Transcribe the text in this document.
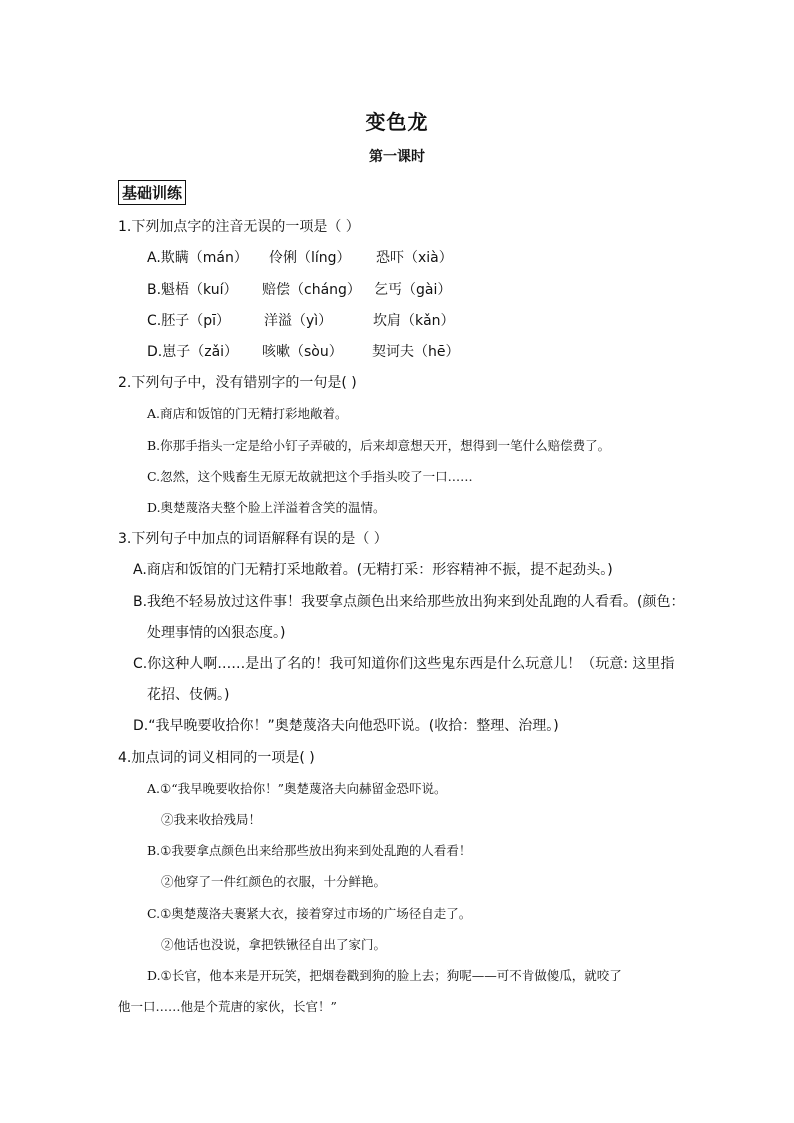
变色龙
第一课时
基础训练
1.下列加点字的注音无误的一项是（ ）
A.欺瞒（mán） 伶俐（líng） 恐吓（xià）
B.魁梧（kuí） 赔偿（cháng） 乞丐（gài）
C.胚子（pī） 洋溢（yì）	坎肩（kǎn）
D.崽子（zǎi） 咳嗽（sòu） 契诃夫（hē）
2.下列句子中，没有错别字的一句是( )
A.商店和饭馆的门无精打彩地敞着。
B.你那手指头一定是给小钉子弄破的，后来却意想天开，想得到一笔什么赔偿费了。
C.忽然，这个贱畜生无原无故就把这个手指头咬了一口……
D.奥楚蔑洛夫整个脸上洋溢着含笑的温情。
3.下列句子中加点的词语解释有误的是（ ）
A.商店和饭馆的门无精打采地敞着。(无精打采：形容精神不振，提不起劲头。)
B.我绝不轻易放过这件事！我要拿点颜色出来给那些放出狗来到处乱跑的人看看。(颜色：
处理事情的凶狠态度。)
C.你这种人啊……是出了名的！我可知道你们这些鬼东西是什么玩意儿！（玩意: 这里指
花招、伎俩。)
D.“我早晚要收拾你！”奥楚蔑洛夫向他恐吓说。(收拾：整理、治理。)
4.加点词的词义相同的一项是( )
A.①“我早晚要收拾你！”奥楚蔑洛夫向赫留金恐吓说。
②我来收拾残局！
B.①我要拿点颜色出来给那些放出狗来到处乱跑的人看看！
②他穿了一件红颜色的衣服，十分鲜艳。
C.①奥楚蔑洛夫裹紧大衣，接着穿过市场的广场径自走了。
②他话也没说，拿把铁锹径自出了家门。
D.①长官，他本来是开玩笑，把烟卷戳到狗的脸上去；狗呢——可不肯做傻瓜，就咬了
他一口……他是个荒唐的家伙，长官！”
